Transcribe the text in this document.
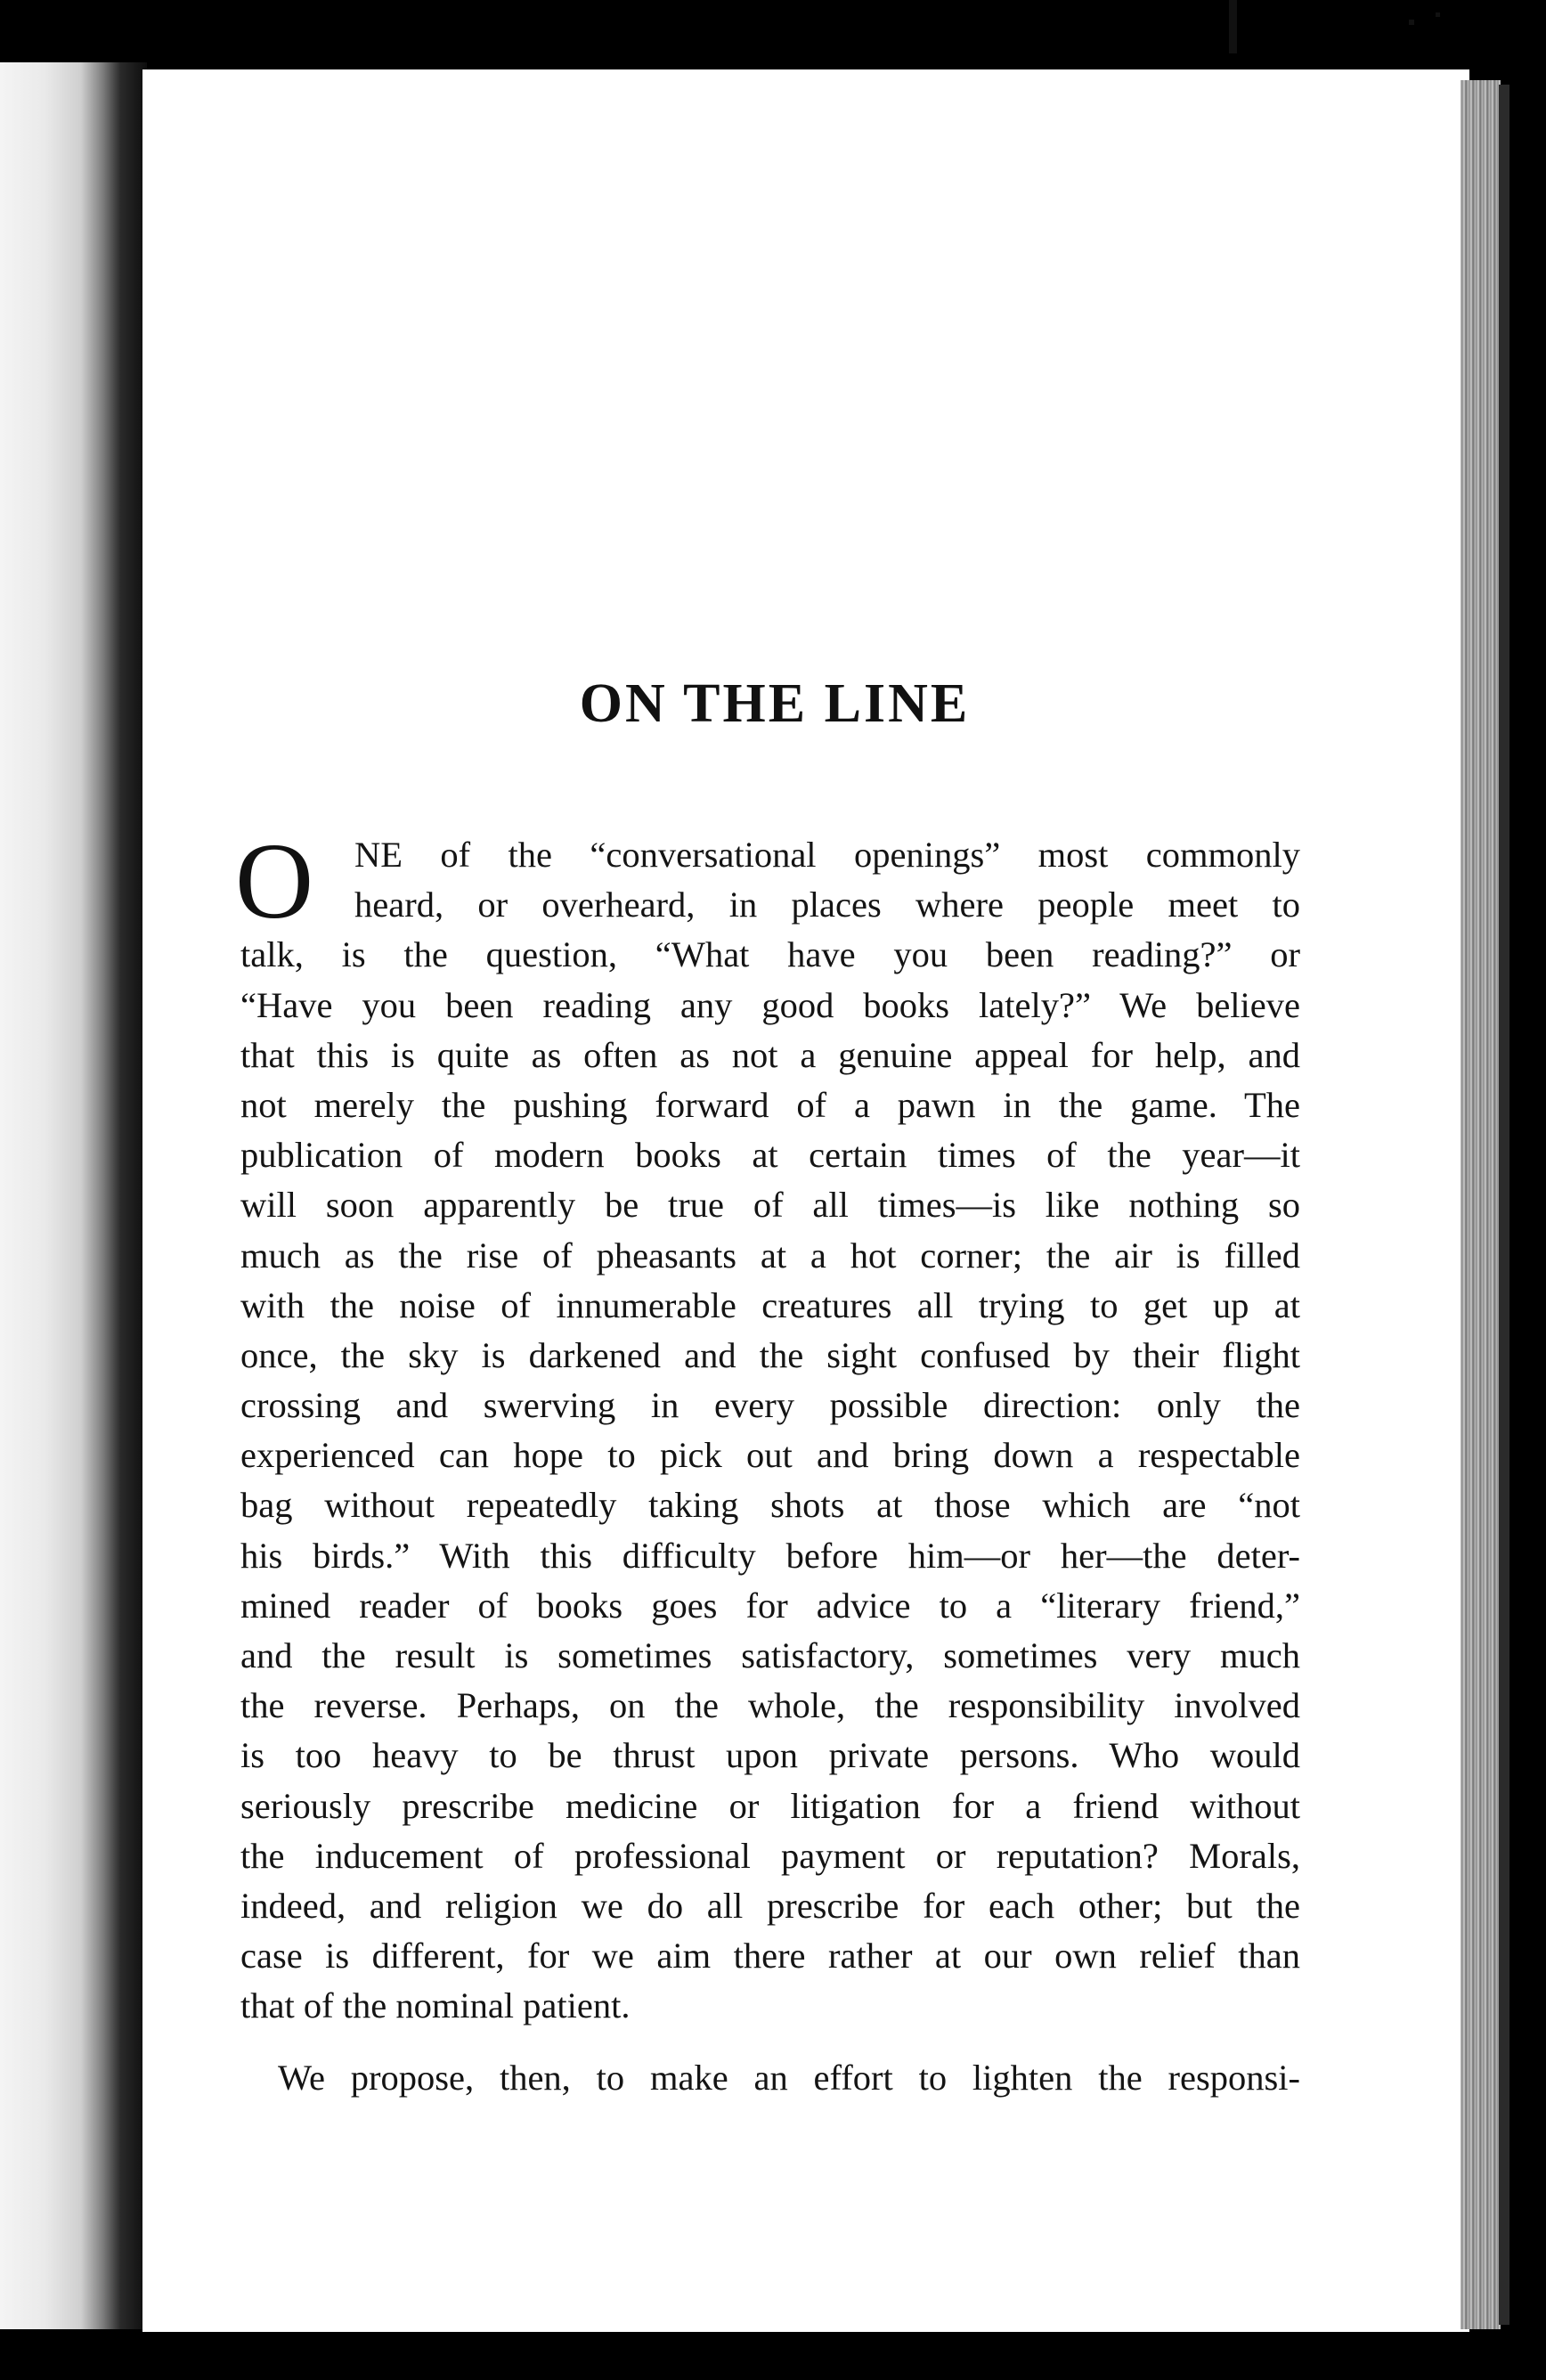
ON THE LINE
O NE of the “conversational openings” most commonly
heard, or overheard, in places where people meet to
talk, is the question, “What have you been reading?” or
“Have you been reading any good books lately?” We believe
that this is quite as often as not a genuine appeal for help, and
not merely the pushing forward of a pawn in the game. The
publication of modern books at certain times of the year—it
will soon apparently be true of all times—is like nothing so
much as the rise of pheasants at a hot corner; the air is filled
with the noise of innumerable creatures all trying to get up at
once, the sky is darkened and the sight confused by their flight
crossing and swerving in every possible direction: only the
experienced can hope to pick out and bring down a respectable
bag without repeatedly taking shots at those which are “not
his birds.” With this difficulty before him—or her—the deter-
mined reader of books goes for advice to a “literary friend,”
and the result is sometimes satisfactory, sometimes very much
the reverse. Perhaps, on the whole, the responsibility involved
is too heavy to be thrust upon private persons. Who would
seriously prescribe medicine or litigation for a friend without
the inducement of professional payment or reputation? Morals,
indeed, and religion we do all prescribe for each other; but the
case is different, for we aim there rather at our own relief than
that of the nominal patient.
We propose, then, to make an effort to lighten the responsi-
